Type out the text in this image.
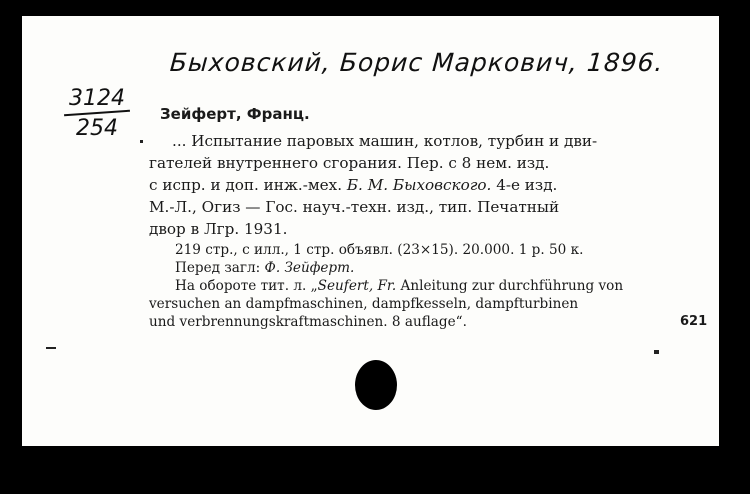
Быховский, Борис Маркович, 1896.
3124
254
Зейферт, Франц.
... Испытание паровых машин, котлов, турбин и дви-
гателей внутреннего сгорания. Пер. с 8 нем. изд.
с испр. и доп. инж.-мех. Б. М. Быховского. 4-е изд.
М.-Л., Огиз — Гос. науч.-техн. изд., тип. Печатный
двор в Лгр. 1931.
219 стр., с илл., 1 стр. объявл. (23×15). 20.000. 1 р. 50 к.
Перед загл: Ф. Зейферт.
На обороте тит. л. „Seufert, Fr. Anleitung zur durchführung von
versuchen an dampfmaschinen, dampfkesseln, dampfturbinen
und verbrennungskraftmaschinen. 8 auflage“.	621
